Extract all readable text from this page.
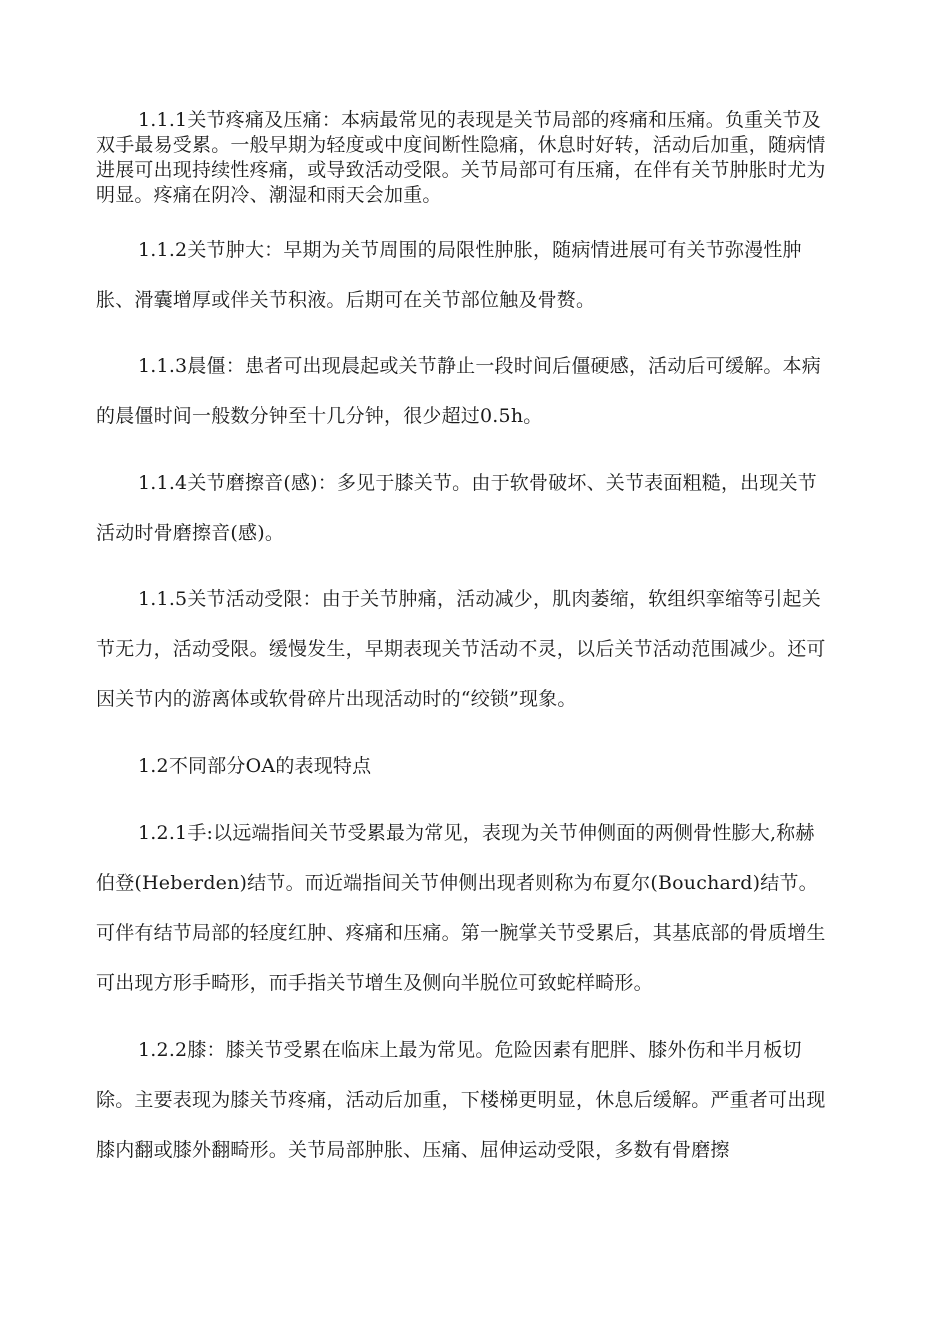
1.1.1关节疼痛及压痛：本病最常见的表现是关节局部的疼痛和压痛。负重关节及双手最易受累。一般早期为轻度或中度间断性隐痛，休息时好转，活动后加重，随病情进展可出现持续性疼痛，或导致活动受限。关节局部可有压痛，在伴有关节肿胀时尤为明显。疼痛在阴冷、潮湿和雨天会加重。

1.1.2关节肿大：早期为关节周围的局限性肿胀，随病情进展可有关节弥漫性肿胀、滑囊增厚或伴关节积液。后期可在关节部位触及骨赘。

1.1.3晨僵：患者可出现晨起或关节静止一段时间后僵硬感，活动后可缓解。本病的晨僵时间一般数分钟至十几分钟，很少超过0.5h。

1.1.4关节磨擦音(感)：多见于膝关节。由于软骨破坏、关节表面粗糙，出现关节活动时骨磨擦音(感)。

1.1.5关节活动受限：由于关节肿痛，活动减少，肌肉萎缩，软组织挛缩等引起关节无力，活动受限。缓慢发生，早期表现关节活动不灵，以后关节活动范围减少。还可因关节内的游离体或软骨碎片出现活动时的“绞锁”现象。

1.2不同部分OA的表现特点

1.2.1手:以远端指间关节受累最为常见，表现为关节伸侧面的两侧骨性膨大,称赫伯登(Heberden)结节。而近端指间关节伸侧出现者则称为布夏尔(Bouchard)结节。可伴有结节局部的轻度红肿、疼痛和压痛。第一腕掌关节受累后，其基底部的骨质增生可出现方形手畸形，而手指关节增生及侧向半脱位可致蛇样畸形。

1.2.2膝：膝关节受累在临床上最为常见。危险因素有肥胖、膝外伤和半月板切除。主要表现为膝关节疼痛，活动后加重，下楼梯更明显，休息后缓解。严重者可出现膝内翻或膝外翻畸形。关节局部肿胀、压痛、屈伸运动受限，多数有骨磨擦
